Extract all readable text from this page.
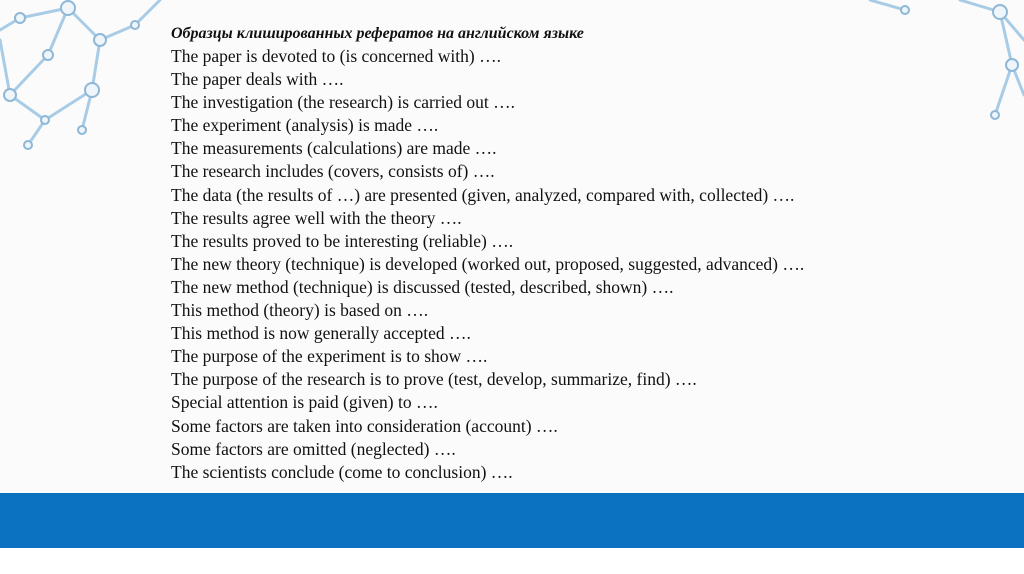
Образцы клишированных рефератов на английском языке
The paper is devoted to (is concerned with) ….
The paper deals with ….
The investigation (the research) is carried out ….
The experiment (analysis) is made ….
The measurements (calculations) are made ….
The research includes (covers, consists of) ….
The data (the results of …) are presented (given, analyzed, compared with, collected) ….
The results agree well with the theory ….
The results proved to be interesting (reliable) ….
The new theory (technique) is developed (worked out, proposed, suggested, advanced) ….
The new method (technique) is discussed (tested, described, shown) ….
This method (theory) is based on ….
This method is now generally accepted ….
The purpose of the experiment is to show ….
The purpose of the research is to prove (test, develop, summarize, find) ….
Special attention is paid (given) to ….
Some factors are taken into consideration (account) ….
Some factors are omitted (neglected) ….
The scientists conclude (come to conclusion) ….
